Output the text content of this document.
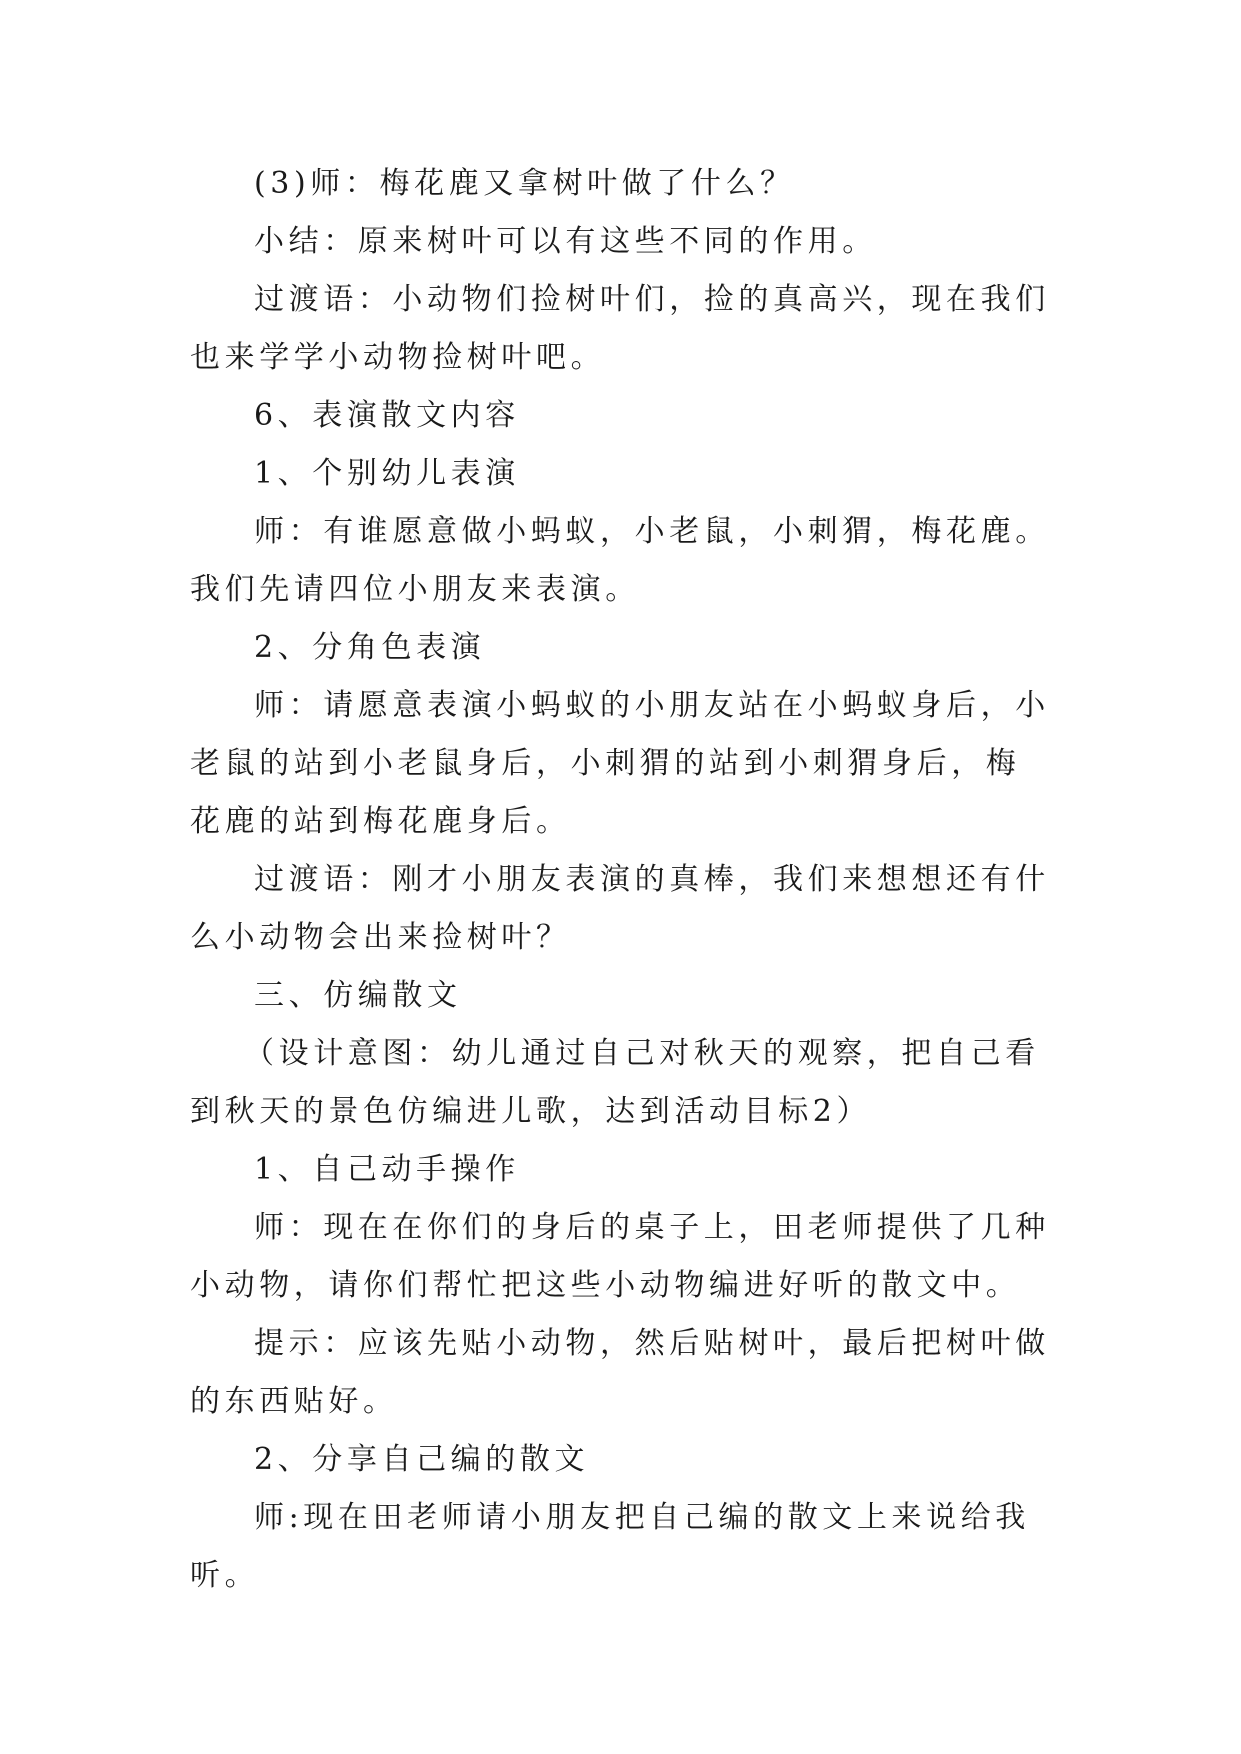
(3)师：梅花鹿又拿树叶做了什么？

小结：原来树叶可以有这些不同的作用。

过渡语：小动物们捡树叶们，捡的真高兴，现在我们也来学学小动物捡树叶吧。

6、表演散文内容

1、个别幼儿表演

师：有谁愿意做小蚂蚁，小老鼠，小刺猬，梅花鹿。我们先请四位小朋友来表演。

2、分角色表演

师：请愿意表演小蚂蚁的小朋友站在小蚂蚁身后，小老鼠的站到小老鼠身后，小刺猬的站到小刺猬身后，梅花鹿的站到梅花鹿身后。

过渡语：刚才小朋友表演的真棒，我们来想想还有什么小动物会出来捡树叶？

三、仿编散文

（设计意图：幼儿通过自己对秋天的观察，把自己看到秋天的景色仿编进儿歌，达到活动目标2）

1、自己动手操作

师：现在在你们的身后的桌子上，田老师提供了几种小动物，请你们帮忙把这些小动物编进好听的散文中。

提示：应该先贴小动物，然后贴树叶，最后把树叶做的东西贴好。

2、分享自己编的散文

师:现在田老师请小朋友把自己编的散文上来说给我听。
